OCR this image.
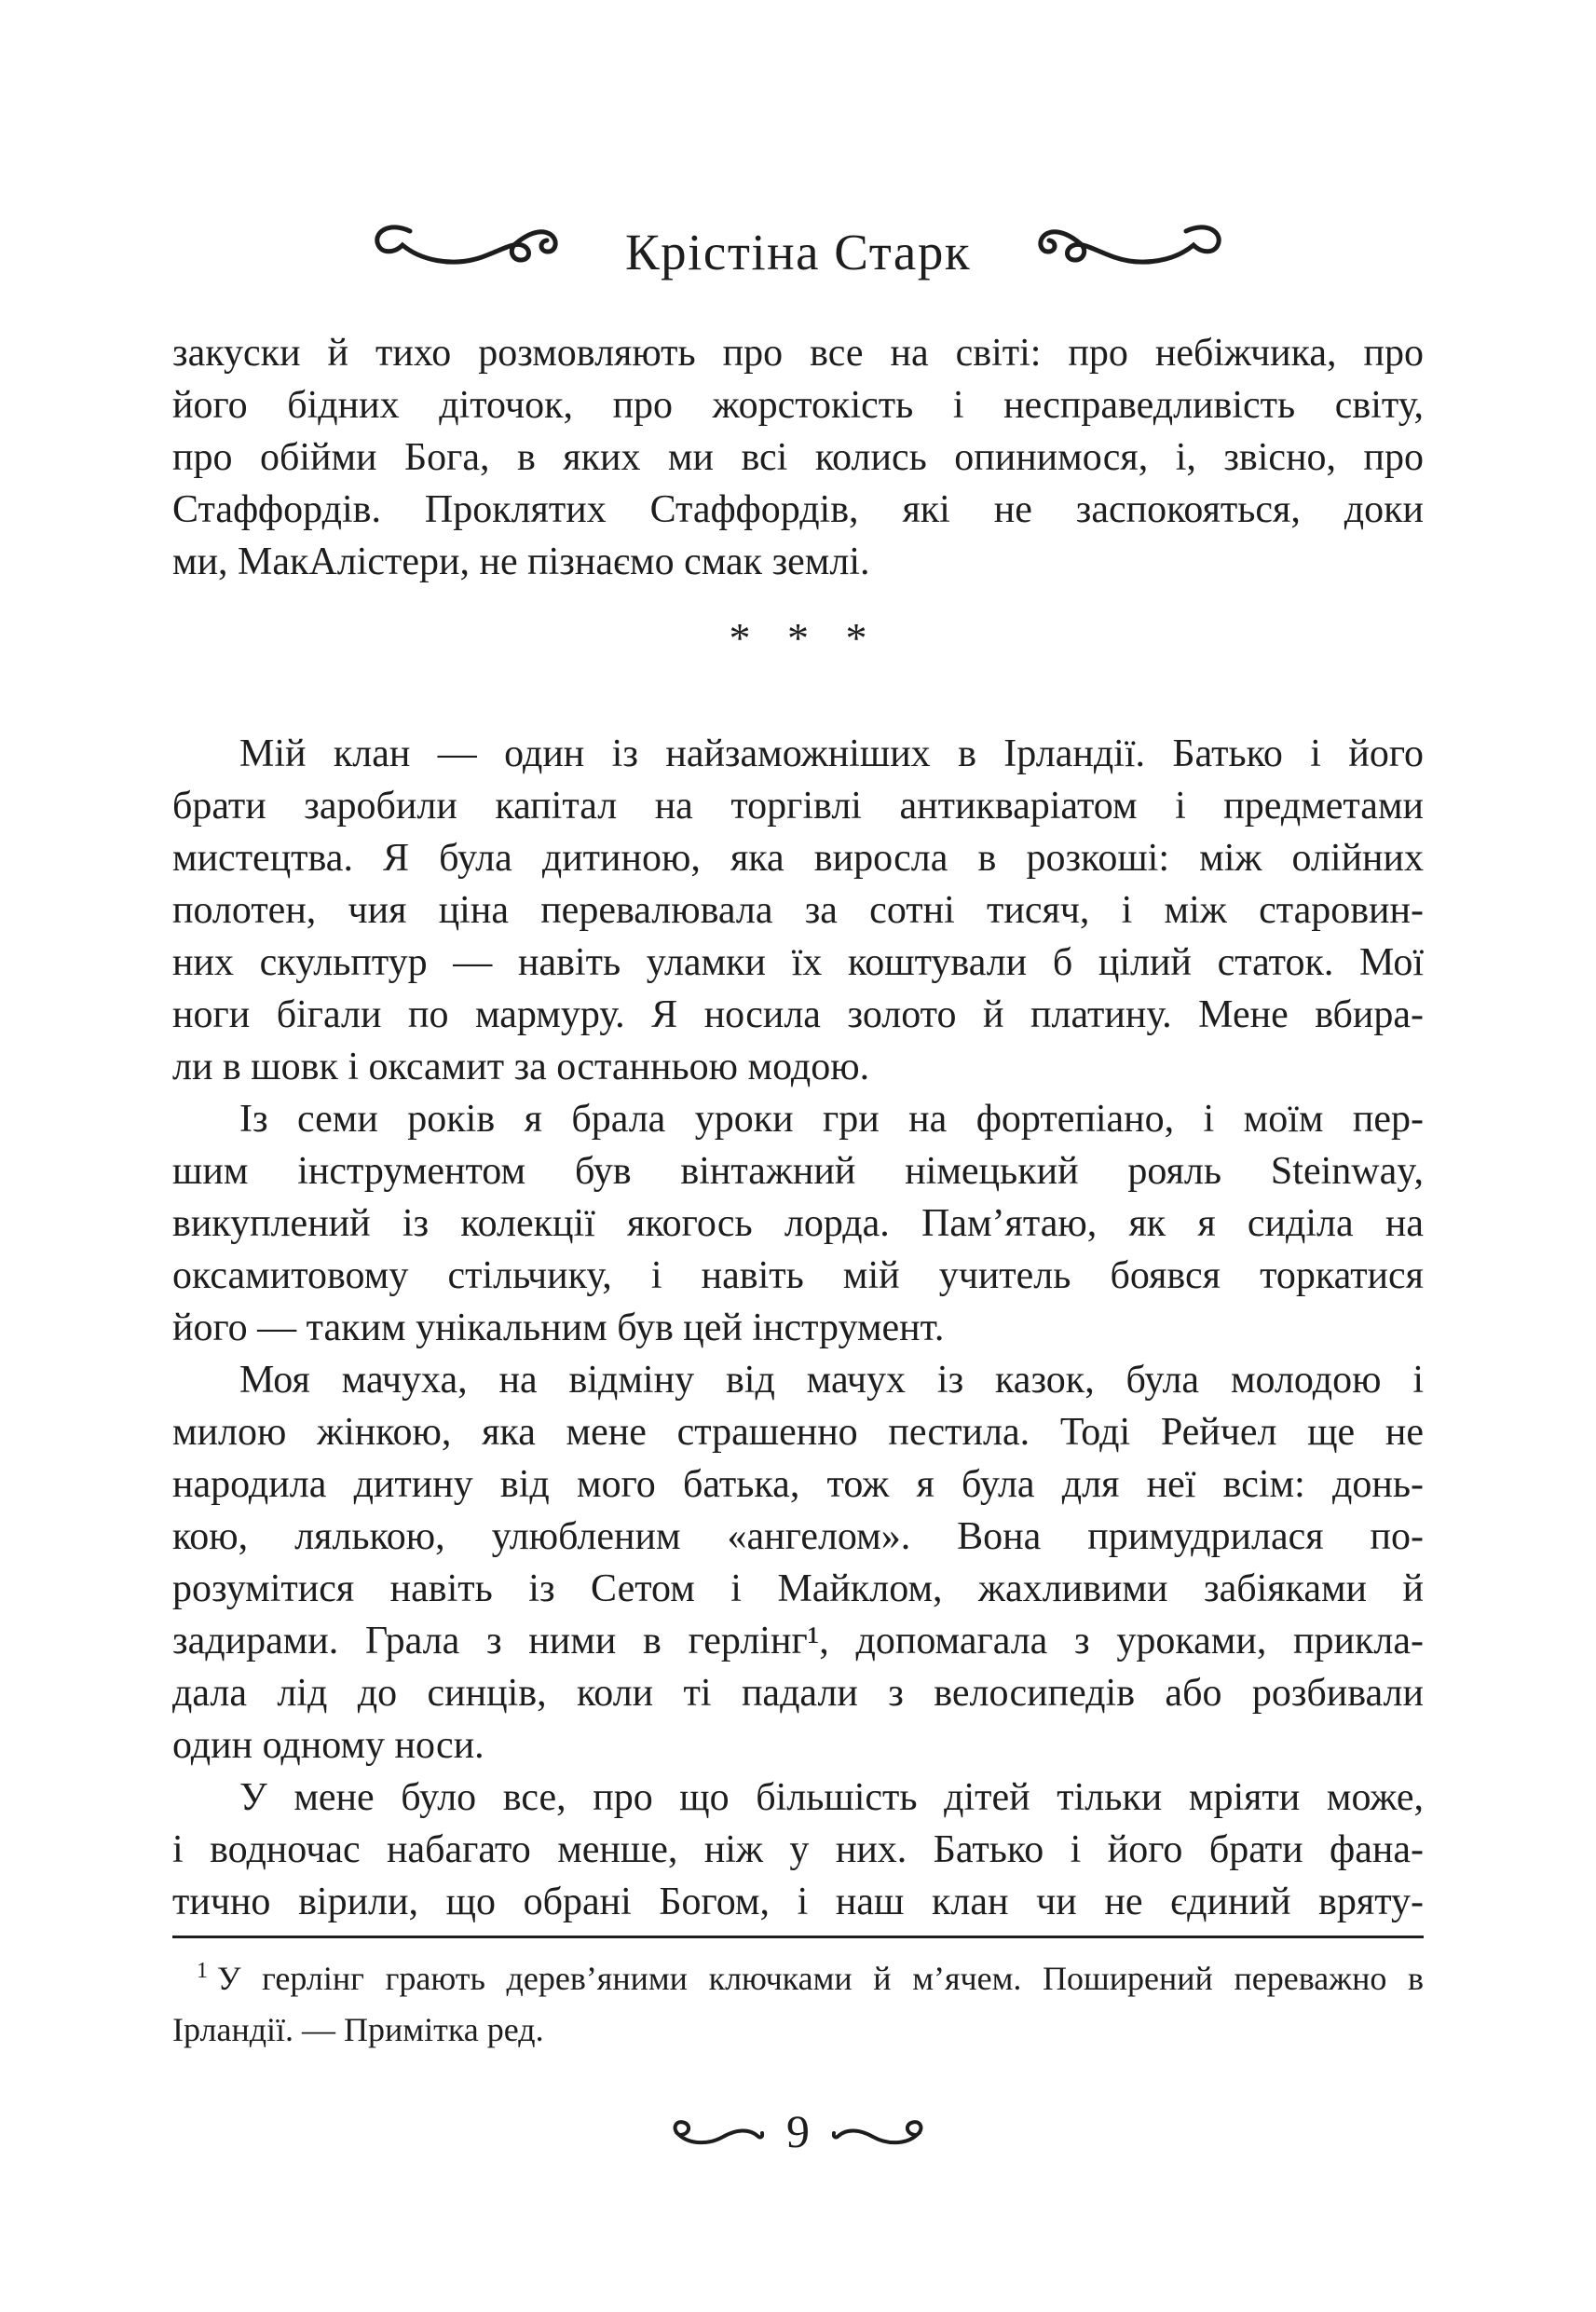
Крістіна Старк
закуски й тихо розмовляють про все на світі: про небіжчика, про
його бідних діточок, про жорстокість і несправедливість світу,
про обійми Бога, в яких ми всі колись опинимося, і, звісно, про
Стаффордів. Проклятих Стаффордів, які не заспокояться, доки
ми, МакАлістери, не пізнаємо смак землі.
* * *
Мій клан — один із найзаможніших в Ірландії. Батько і його
брати заробили капітал на торгівлі антикваріатом і предметами
мистецтва. Я була дитиною, яка виросла в розкоші: між олійних
полотен, чия ціна перевалювала за сотні тисяч, і між старовин-
них скульптур — навіть уламки їх коштували б цілий статок. Мої
ноги бігали по мармуру. Я носила золото й платину. Мене вбира-
ли в шовк і оксамит за останньою модою.
Із семи років я брала уроки гри на фортепіано, і моїм пер-
шим інструментом був вінтажний німецький рояль Steinway,
викуплений із колекції якогось лорда. Пам’ятаю, як я сиділа на
оксамитовому стільчику, і навіть мій учитель боявся торкатися
його — таким унікальним був цей інструмент.
Моя мачуха, на відміну від мачух із казок, була молодою і
милою жінкою, яка мене страшенно пестила. Тоді Рейчел ще не
народила дитину від мого батька, тож я була для неї всім: донь-
кою, лялькою, улюбленим «ангелом». Вона примудрилася по-
розумітися навіть із Сетом і Майклом, жахливими забіяками й
задирами. Грала з ними в герлінг¹, допомагала з уроками, прикла-
дала лід до синців, коли ті падали з велосипедів або розбивали
один одному носи.
У мене було все, про що більшість дітей тільки мріяти може,
і водночас набагато менше, ніж у них. Батько і його брати фана-
тично вірили, що обрані Богом, і наш клан чи не єдиний вряту-
$^1$ У герлінг грають дерев’яними ключками й м’ячем. Поширений переважно в
Ірландії. — Примітка ред.
9
